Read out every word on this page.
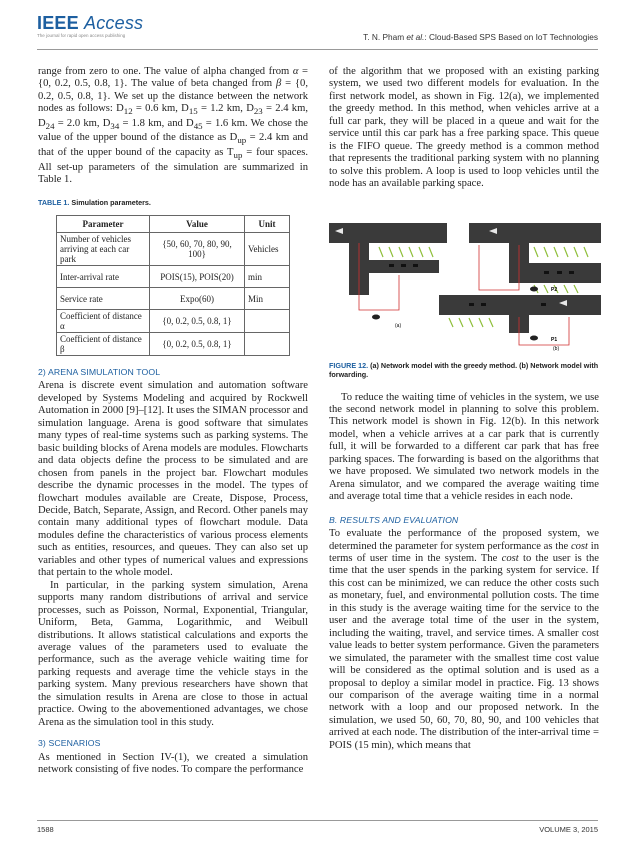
IEEE Access
The journal for rapid open access publishing	T. N. Pham et al.: Cloud-Based SPS Based on IoT Technologies

range from zero to one. The value of alpha changed from α = {0, 0.2, 0.5, 0.8, 1}. The value of beta changed from β = {0, 0.2, 0.5, 0.8, 1}. We set up the distance between the network nodes as follows: $D_{12} = 0.6$ km, $D_{15} = 1.2$ km, $D_{23} = 2.4$ km, $D_{24} = 2.0$ km, $D_{34} = 1.8$ km, and $D_{45} = 1.6$ km. We chose the value of the upper bound of the distance as $D_{up} = 2.4$ km and that of the upper bound of the capacity as $T_{up}$ = four spaces. All set-up parameters of the simulation are summarized in Table 1.

TABLE 1. Simulation parameters.
Parameter	Value	Unit
Number of vehicles arriving at each car park	{50, 60, 70, 80, 90, 100}	Vehicles
Inter-arrival rate	POIS(15), POIS(20)	min
Service rate	Expo(60)	Min
Coefficient of distance α	{0, 0.2, 0.5, 0.8, 1}	
Coefficient of distance β	{0, 0.2, 0.5, 0.8, 1}	
2) ARENA SIMULATION TOOL

Arena is discrete event simulation and automation software developed by Systems Modeling and acquired by Rockwell Automation in 2000 [9]–[12]. It uses the SIMAN processor and simulation language. Arena is good software that simulates many types of real-time systems such as parking systems. The basic building blocks of Arena models are modules. Flowcharts and data objects define the process to be simulated and are chosen from panels in the project bar. Flowchart modules describe the dynamic processes in the model. The types of flowchart modules available are Create, Dispose, Process, Decide, Batch, Separate, Assign, and Record. Other panels may contain many additional types of flowchart module. Data modules define the characteristics of various process elements such as entities, resources, and queues. They can also set up variables and other types of numerical values and expressions that pertain to the whole model.

In particular, in the parking system simulation, Arena supports many random distributions of arrival and service processes, such as Poisson, Normal, Exponential, Triangular, Uniform, Beta, Gamma, Logarithmic, and Weibull distributions. It allows statistical calculations and exports the average values of the parameters used to evaluate the performance, such as the average vehicle waiting time for parking requests and average time the vehicle stays in the parking system. Many previous researchers have shown that the simulation results in Arena are close to those in actual practice. Owing to the abovementioned advantages, we chose Arena as the simulation tool in this study.

3) SCENARIOS

As mentioned in Section IV-(1), we created a simulation network consisting of five nodes. To compare the performance

of the algorithm that we proposed with an existing parking system, we used two different models for evaluation. In the first network model, as shown in Fig. 12(a), we implemented the greedy method. In this method, when vehicles arrive at a full car park, they will be placed in a queue and wait for the service until this car park has a free parking space. This queue is the FIFO queue. The greedy method is a common method that represents the traditional parking system with no planning to solve this problem. A loop is used to loop vehicles until the node has an available parking space.

(a)
(b)
P2
P1
FIGURE 12. (a) Network model with the greedy method. (b) Network model with forwarding.

To reduce the waiting time of vehicles in the system, we use the second network model in planning to solve this problem. This network model is shown in Fig. 12(b). In this network model, when a vehicle arrives at a car park that is currently full, it will be forwarded to a different car park that has free parking spaces. The forwarding is based on the algorithms that we have proposed. We simulated two network models in the Arena simulator, and we compared the average waiting time and average total time that a vehicle resides in each node.

B. RESULTS AND EVALUATION

To evaluate the performance of the proposed system, we determined the parameter for system performance as the cost in terms of user time in the system. The cost to the user is the time that the user spends in the parking system for service. If this cost can be minimized, we can reduce the other costs such as monetary, fuel, and environmental pollution costs. The time in this study is the average waiting time for the service to the user and the average total time of the user in the system, including the waiting, travel, and service times. A smaller cost value leads to better system performance. Given the parameters we simulated, the parameter with the smallest time cost value will be considered as the optimal solution and is used as a proposal to deploy a similar model in practice. Fig. 13 shows our comparison of the average waiting time in a normal network with a loop and our proposed network. In the simulation, we used 50, 60, 70, 80, 90, and 100 vehicles that arrived at each node. The distribution of the inter-arrival time = POIS (15 min), which means that

1588	VOLUME 3, 2015
